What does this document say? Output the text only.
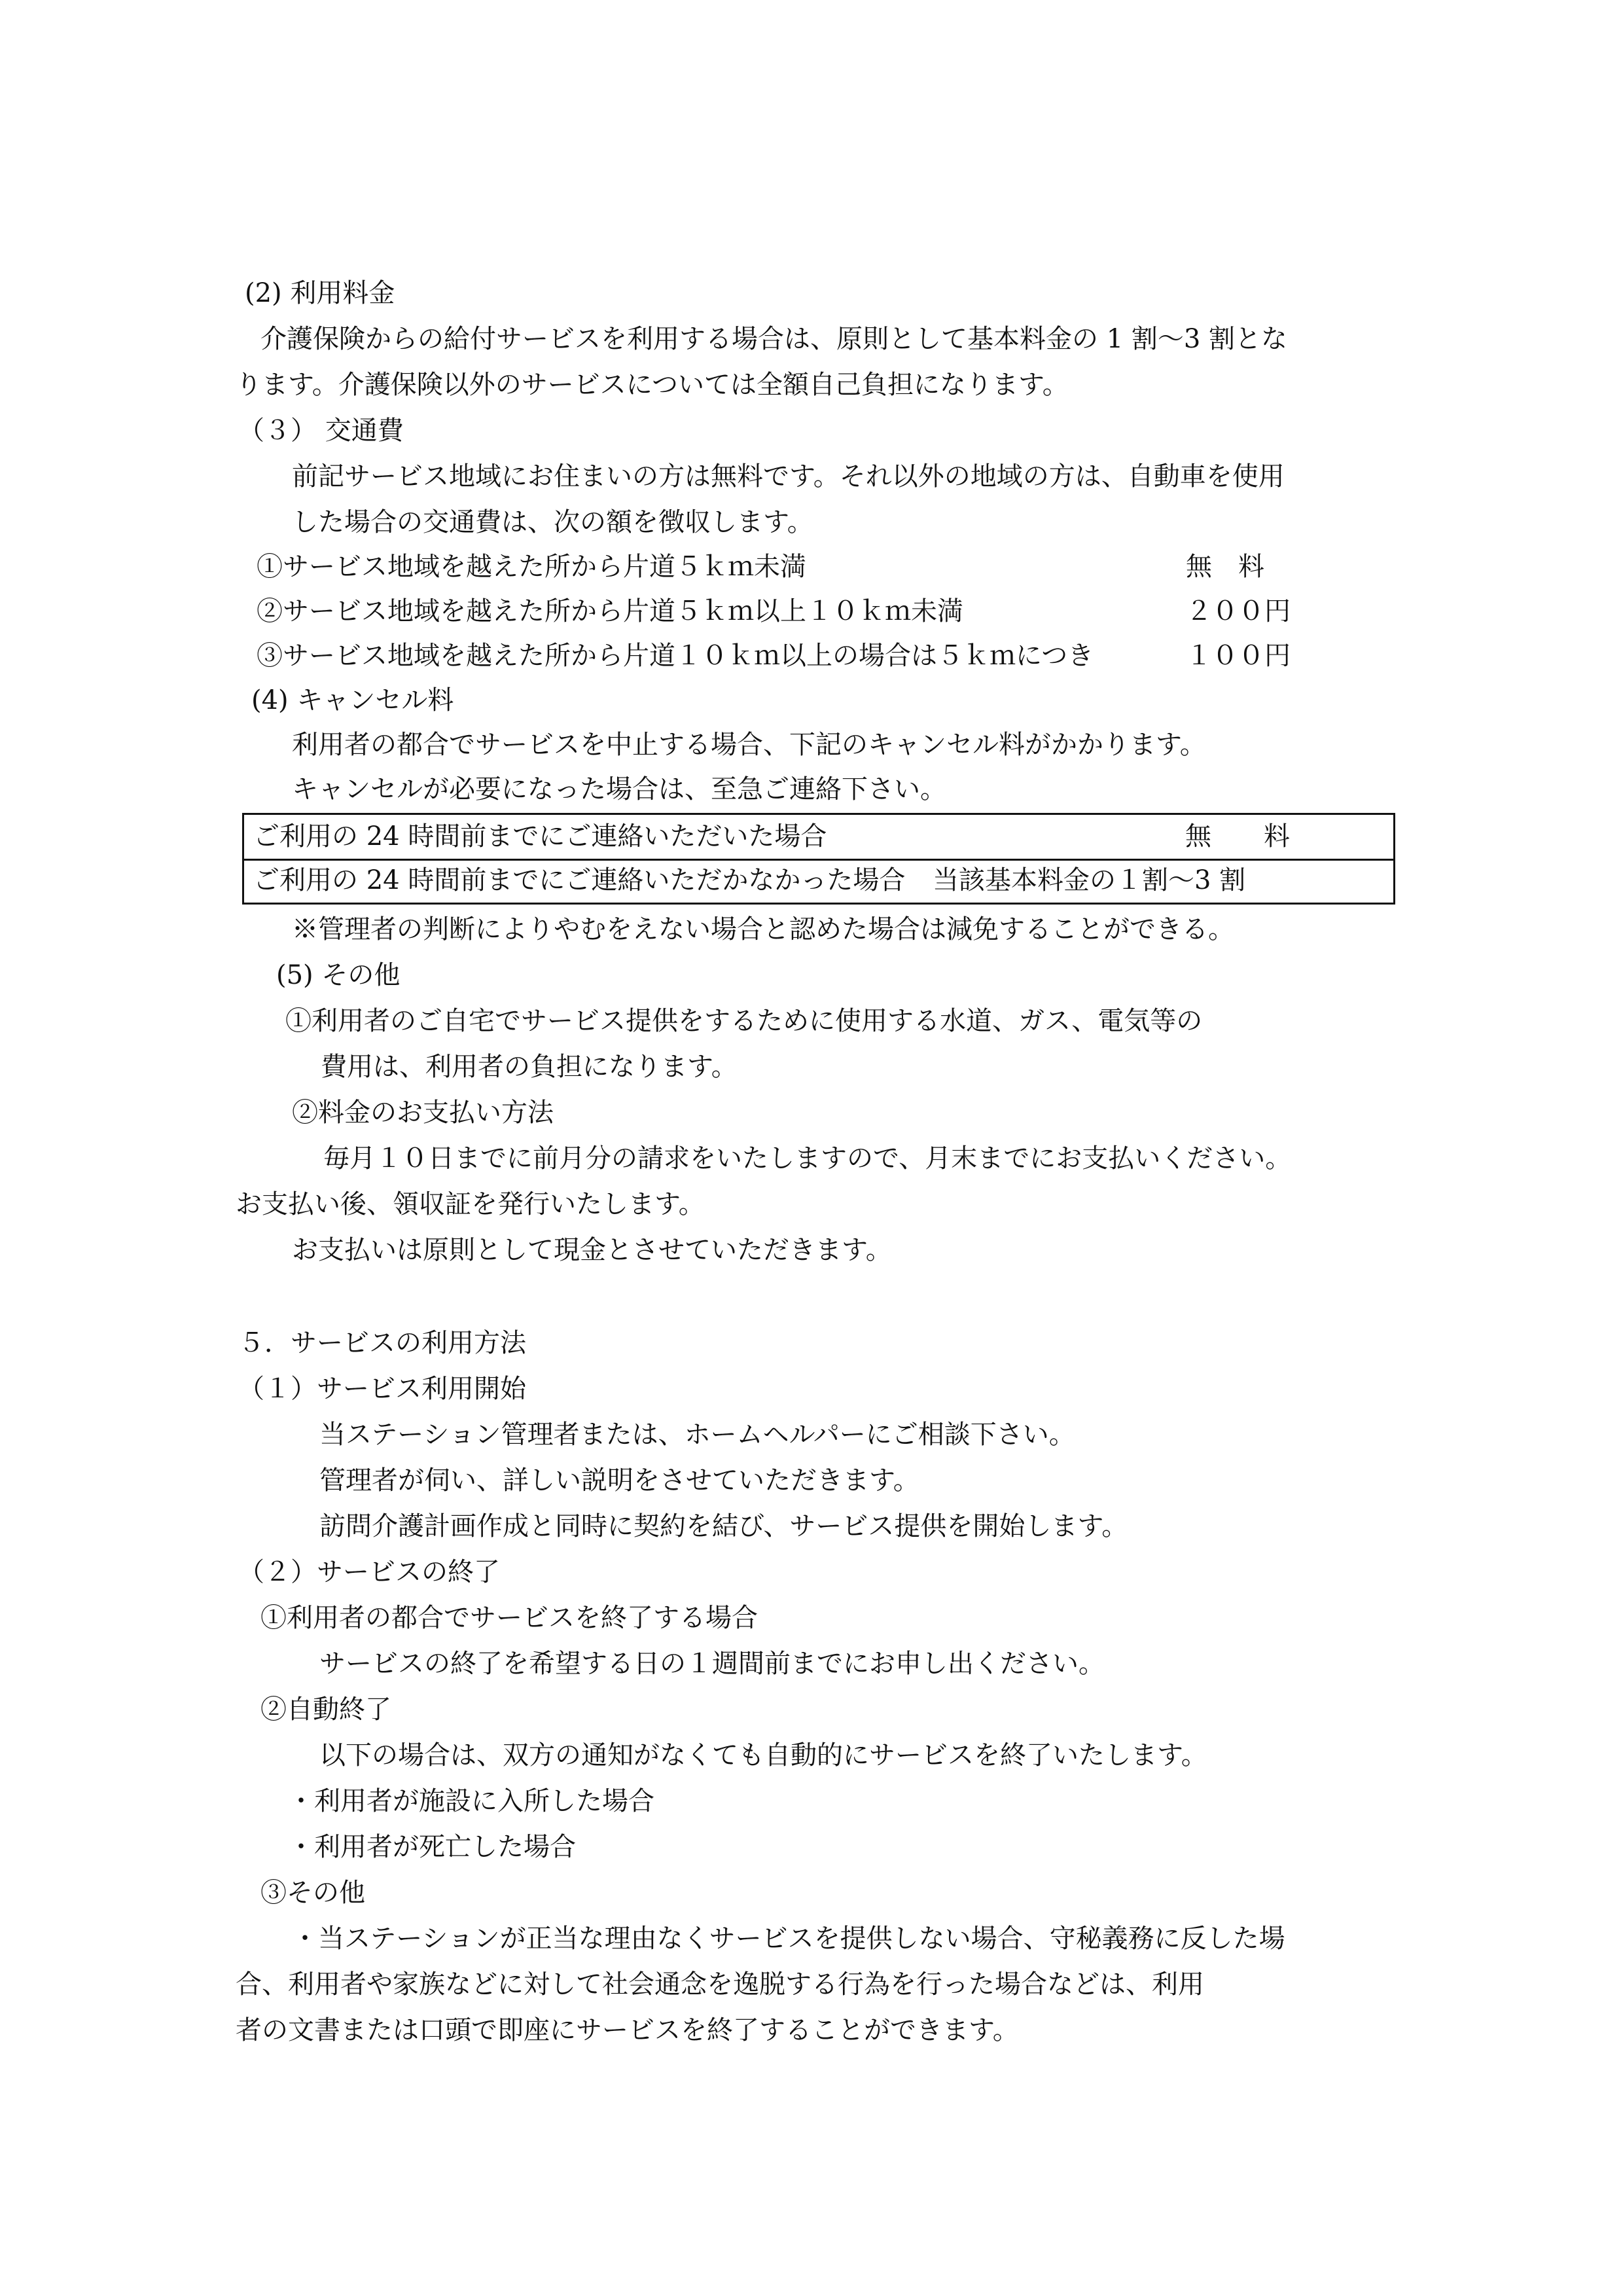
(2) 利用料金
介護保険からの給付サービスを利用する場合は、原則として基本料金の 1 割～3 割とな
ります。介護保険以外のサービスについては全額自己負担になります。
（３） 交通費
前記サービス地域にお住まいの方は無料です。それ以外の地域の方は、自動車を使用
した場合の交通費は、次の額を徴収します。
①サービス地域を越えた所から片道５ｋｍ未満	無　料
②サービス地域を越えた所から片道５ｋｍ以上１０ｋｍ未満	２００円
③サービス地域を越えた所から片道１０ｋｍ以上の場合は５ｋｍにつき	１００円
(4) キャンセル料
利用者の都合でサービスを中止する場合、下記のキャンセル料がかかります。
キャンセルが必要になった場合は、至急ご連絡下さい。
ご利用の 24 時間前までにご連絡いただいた場合	無　　料
ご利用の 24 時間前までにご連絡いただかなかった場合 当該基本料金の１割～3 割
※管理者の判断によりやむをえない場合と認めた場合は減免することができる。
(5) その他
①利用者のご自宅でサービス提供をするために使用する水道、ガス、電気等の
費用は、利用者の負担になります。
②料金のお支払い方法
毎月１０日までに前月分の請求をいたしますので、月末までにお支払いください。
お支払い後、領収証を発行いたします。
お支払いは原則として現金とさせていただきます。
５．サービスの利用方法
（１）サービス利用開始
当ステーション管理者または、ホームヘルパーにご相談下さい。
管理者が伺い、詳しい説明をさせていただきます。
訪問介護計画作成と同時に契約を結び、サービス提供を開始します。
（２）サービスの終了
①利用者の都合でサービスを終了する場合
サービスの終了を希望する日の１週間前までにお申し出ください。
②自動終了
以下の場合は、双方の通知がなくても自動的にサービスを終了いたします。
・利用者が施設に入所した場合
・利用者が死亡した場合
③その他
・当ステーションが正当な理由なくサービスを提供しない場合、守秘義務に反した場
合、利用者や家族などに対して社会通念を逸脱する行為を行った場合などは、利用
者の文書または口頭で即座にサービスを終了することができます。
